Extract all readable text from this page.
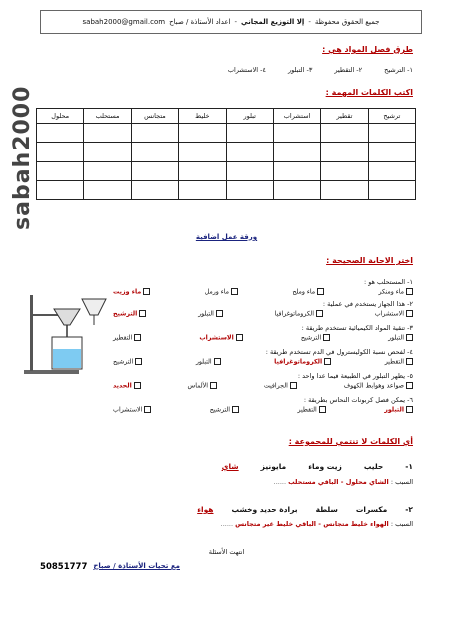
جميع الحقوق محفوظة
-
إلا التوزيع المجاني
-
اعداد الأستاذة / صباح
sabah2000@gmail.com
sabah2000
طرق فصل المواد هي :
١- الترشيح
٢- التقطير
٣- التبلور
٤- الاستشراب
اكتب الكلمات المهمة :
ترشيح	تقطير	استشراب	تبلور	خليط	متجانس	مستحلب	محلول

ورقة عمل اضافية
اختر الاجابة الصحيحة :
١- المستحلب هو :
ماء ومنكر
ماء وملح
ماء ورمل
ماء وزيت
٢- هذا الجهاز يستخدم في عملية :
الاستشراب
الكروماتوغرافيا
التبلور
الترشيح
٣- تنقية المواد الكيميائية تستخدم طريقة :
التبلور
الترشيح
الاستشراب
التقطير
٤- لفحص نسبة الكوليسترول في الدم تستخدم طريقة :
التقطير
الكروماتوغرافيا
التبلور
الترشيح
٥- يظهر التبلور في الطبيعة فيما عدا واحد :
صواعد وهوابط الكهوف
الجرافيت
الألماس
الحديد
٦- يمكن فصل كربونات النحاس بطريقة :
التبلور
التقطير
الترشيح
الاستشراب
أي الكلمات لا تنتمي للمجموعة :
١-
حليب
زيت وماء
مايونيز
شاي
السبب : الشاي محلول - الباقي مستحلب ......
٢-
مكسرات
سلطة
برادة حديد وخشب
هواء
السبب : الهواء خليط متجانس - الباقي خليط غير متجانس ......
انتهت الأسئلة
مع تحيات الأستاذة / صباح
50851777
